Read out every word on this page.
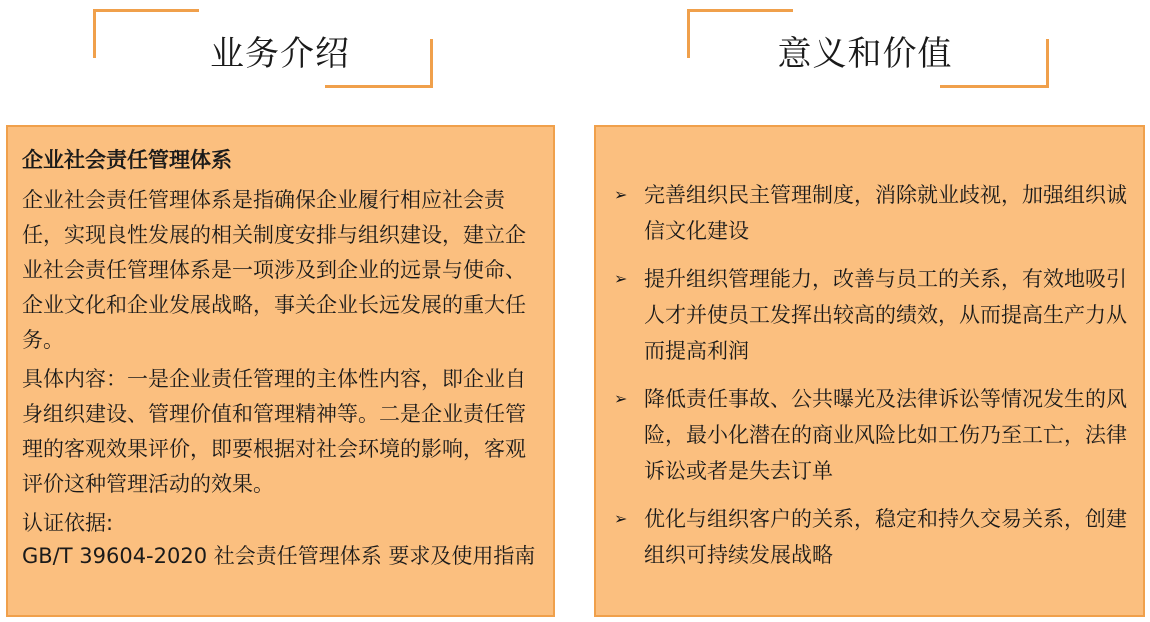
业务介绍	意义和价值
企业社会责任管理体系

企业社会责任管理体系是指确保企业履行相应社会责任，实现良性发展的相关制度安排与组织建设，建立企业社会责任管理体系是一项涉及到企业的远景与使命、企业文化和企业发展战略，事关企业长远发展的重大任务。

具体内容：一是企业责任管理的主体性内容，即企业自身组织建设、管理价值和管理精神等。二是企业责任管理的客观效果评价，即要根据对社会环境的影响，客观评价这种管理活动的效果。

认证依据:

GB/T 39604-2020 社会责任管理体系 要求及使用指南

➢ 完善组织民主管理制度，消除就业歧视，加强组织诚信文化建设
➢ 提升组织管理能力，改善与员工的关系，有效地吸引人才并使员工发挥出较高的绩效，从而提高生产力从而提高利润
➢ 降低责任事故、公共曝光及法律诉讼等情况发生的风险，最小化潜在的商业风险比如工伤乃至工亡，法律诉讼或者是失去订单
➢ 优化与组织客户的关系，稳定和持久交易关系，创建组织可持续发展战略
